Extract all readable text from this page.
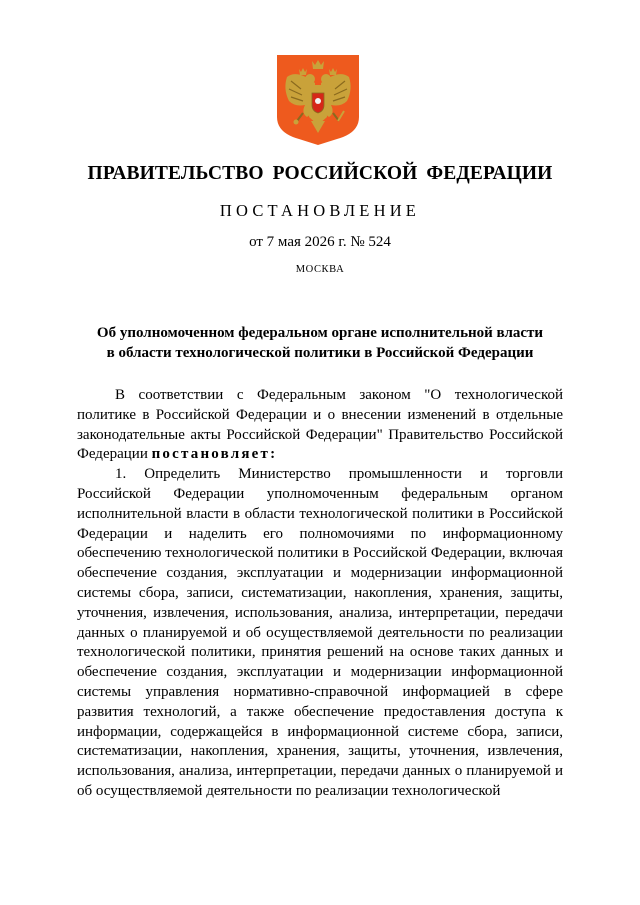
ПРАВИТЕЛЬСТВО РОССИЙСКОЙ ФЕДЕРАЦИИ
ПОСТАНОВЛЕНИЕ
от 7 мая 2026 г. № 524
МОСКВА
Об уполномоченном федеральном органе исполнительной власти
в области технологической политики в Российской Федерации

В соответствии с Федеральным законом "О технологической политике в Российской Федерации и о внесении изменений в отдельные законодательные акты Российской Федерации" Правительство Российской Федерации постановляет:

1. Определить Министерство промышленности и торговли Российской Федерации уполномоченным федеральным органом исполнительной власти в области технологической политики в Российской Федерации и наделить его полномочиями по информационному обеспечению технологической политики в Российской Федерации, включая обеспечение создания, эксплуатации и модернизации информационной системы сбора, записи, систематизации, накопления, хранения, защиты, уточнения, извлечения, использования, анализа, интерпретации, передачи данных о планируемой и об осуществляемой деятельности по реализации технологической политики, принятия решений на основе таких данных и обеспечение создания, эксплуатации и модернизации информационной системы управления нормативно-справочной информацией в сфере развития технологий, а также обеспечение предоставления доступа к информации, содержащейся в информационной системе сбора, записи, систематизации, накопления, хранения, защиты, уточнения, извлечения, использования, анализа, интерпретации, передачи данных о планируемой и об осуществляемой деятельности по реализации технологической
